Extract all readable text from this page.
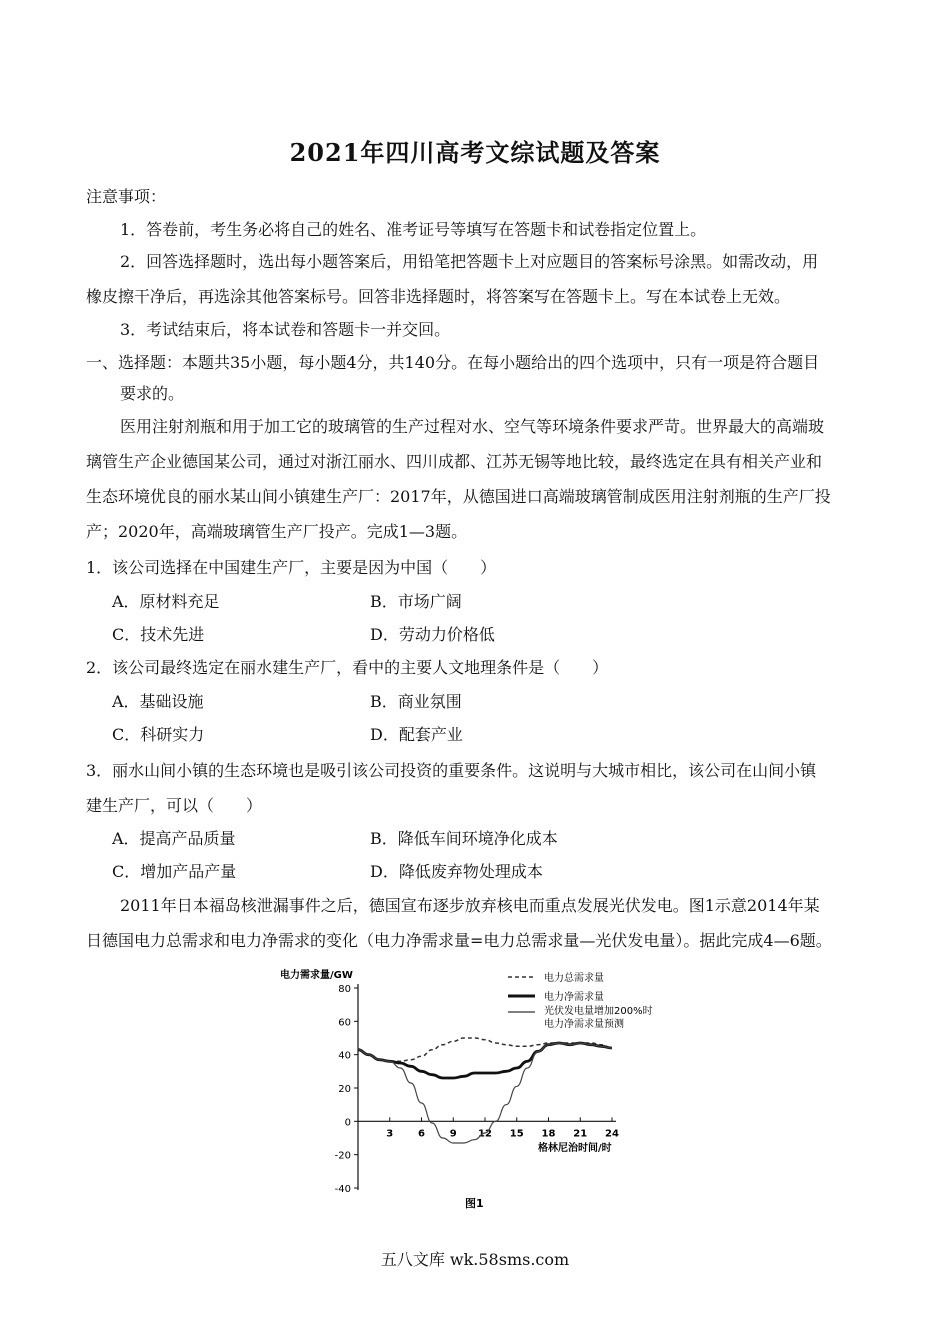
2021年四川高考文综试题及答案
注意事项：
1．答卷前，考生务必将自己的姓名、准考证号等填写在答题卡和试卷指定位置上。
2．回答选择题时，选出每小题答案后，用铅笔把答题卡上对应题目的答案标号涂黑。如需改动，用
橡皮擦干净后，再选涂其他答案标号。回答非选择题时，将答案写在答题卡上。写在本试卷上无效。
3．考试结束后，将本试卷和答题卡一并交回。
一、选择题：本题共35小题，每小题4分，共140分。在每小题给出的四个选项中，只有一项是符合题目
要求的。
医用注射剂瓶和用于加工它的玻璃管的生产过程对水、空气等环境条件要求严苛。世界最大的高端玻
璃管生产企业德国某公司，通过对浙江丽水、四川成都、江苏无锡等地比较，最终选定在具有相关产业和
生态环境优良的丽水某山间小镇建生产厂：2017年，从德国进口高端玻璃管制成医用注射剂瓶的生产厂投
产；2020年，高端玻璃管生产厂投产。完成1—3题。
1．该公司选择在中国建生产厂，主要是因为中国（　　）
A．原材料充足	B．市场广阔
C．技术先进	D．劳动力价格低
2．该公司最终选定在丽水建生产厂，看中的主要人文地理条件是（　　）
A．基础设施	B．商业氛围
C．科研实力	D．配套产业
3．丽水山间小镇的生态环境也是吸引该公司投资的重要条件。这说明与大城市相比，该公司在山间小镇
建生产厂，可以（　　）
A．提高产品质量	B．降低车间环境净化成本
C．增加产品产量	D．降低废弃物处理成本
2011年日本福岛核泄漏事件之后，德国宣布逐步放弃核电而重点发展光伏发电。图1示意2014年某
日德国电力总需求和电力净需求的变化（电力净需求量=电力总需求量—光伏发电量）。据此完成4—6题。
-40
-20
0
20
40
60
80
3 6 9 12 15 18 21 24
电力总需求量
电力净需求量
光伏发电量增加200%时
电力净需求量预测
电力需求量/GW
格林尼治时间/时
图1
五八文库 wk.58sms.com
